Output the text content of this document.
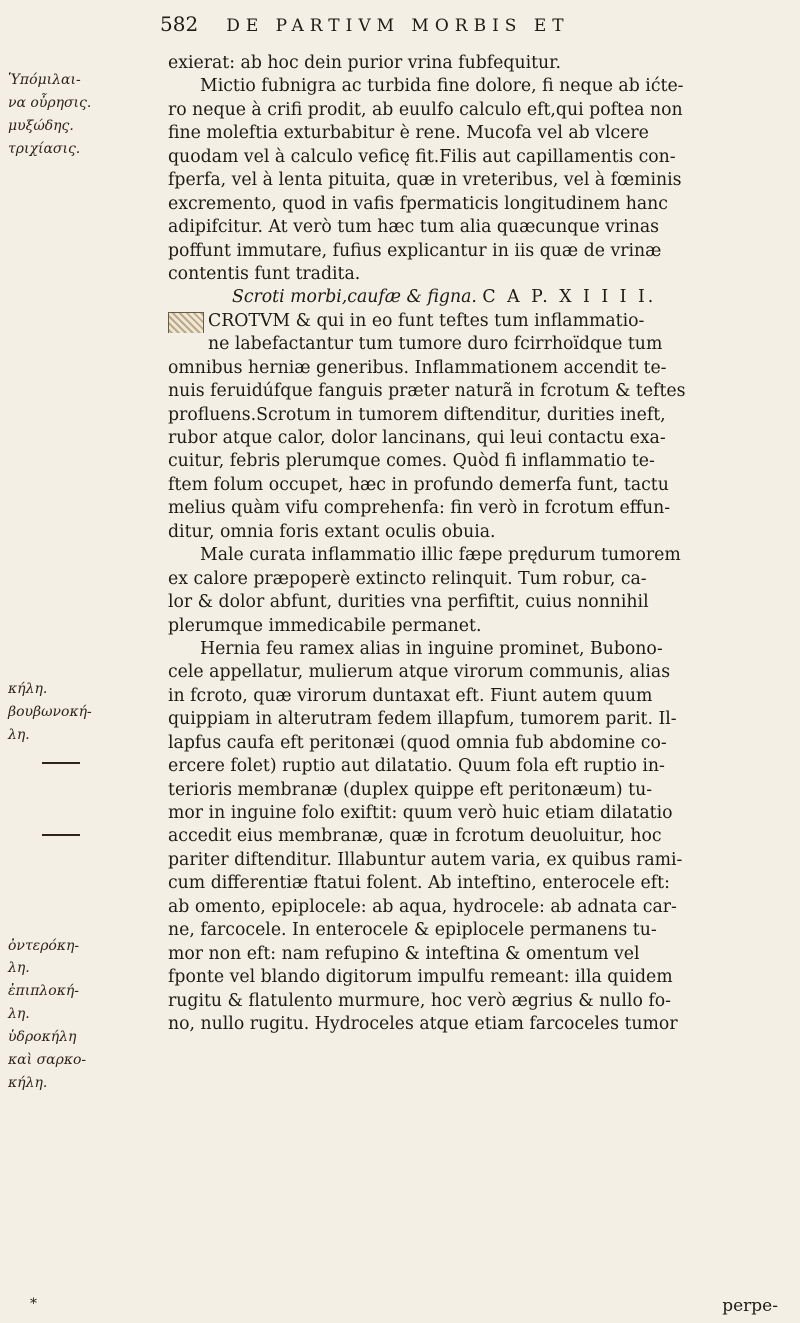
582 DE PARTIVM MORBIS ET
Ὑπόμιλαι-
να οὖρησις.
μυξώδης.
τριχίασις.
κήλη.
βουβωνοκή-
λη.
ὀντερόκη-
λη.
ἐπιπλοκή-
λη.
ὑδροκήλη
καὶ σαρκο-
κήλη.
exierat: ab hoc dein purior vrina fubfequitur.
Mictio fubnigra ac turbida fine dolore, fi neque ab ićte-
ro neque à crifi prodit, ab euulfo calculo eft,qui poftea non
fine moleftia exturbabitur è rene. Mucofa vel ab vlcere
quodam vel à calculo veficę fit.Filis aut capillamentis con-
fperfa, vel à lenta pituita, quæ in vreteribus, vel à fœminis
excremento, quod in vafis fpermaticis longitudinem hanc
adipifcitur. At verò tum hæc tum alia quæcunque vrinas
poffunt immutare, fufius explicantur in iis quæ de vrinæ
contentis funt tradita.
Scroti morbi,caufæ & figna. C A P. X I I I I.
CROTVM & qui in eo funt teftes tum inflammatio-
ne labefactantur tum tumore duro fcirrhoïdque tum
omnibus herniæ generibus. Inflammationem accendit te-
nuis feruidúfque fanguis præter naturã in fcrotum & teftes
profluens.Scrotum in tumorem diftenditur, durities ineft,
rubor atque calor, dolor lancinans, qui leui contactu exa-
cuitur, febris plerumque comes. Quòd fi inflammatio te-
ftem folum occupet, hæc in profundo demerfa funt, tactu
melius quàm vifu comprehenfa: fin verò in fcrotum effun-
ditur, omnia foris extant oculis obuia.
Male curata inflammatio illic fæpe prędurum tumorem
ex calore præpoperè extincto relinquit. Tum robur, ca-
lor & dolor abfunt, durities vna perfiftit, cuius nonnihil
plerumque immedicabile permanet.
Hernia feu ramex alias in inguine prominet, Bubono-
cele appellatur, mulierum atque virorum communis, alias
in fcroto, quæ virorum duntaxat eft. Fiunt autem quum
quippiam in alterutram fedem illapfum, tumorem parit. Il-
lapfus caufa eft peritonæi (quod omnia fub abdomine co-
ercere folet) ruptio aut dilatatio. Quum fola eft ruptio in-
terioris membranæ (duplex quippe eft peritonæum) tu-
mor in inguine folo exiftit: quum verò huic etiam dilatatio
accedit eius membranæ, quæ in fcrotum deuoluitur, hoc
pariter diftenditur. Illabuntur autem varia, ex quibus rami-
cum differentiæ ftatui folent. Ab inteftino, enterocele eft:
ab omento, epiplocele: ab aqua, hydrocele: ab adnata car-
ne, farcocele. In enterocele & epiplocele permanens tu-
mor non eft: nam refupino & inteftina & omentum vel
fponte vel blando digitorum impulfu remeant: illa quidem
rugitu & flatulento murmure, hoc verò ægrius & nullo fo-
no, nullo rugitu. Hydroceles atque etiam farcoceles tumor
*	perpe-
